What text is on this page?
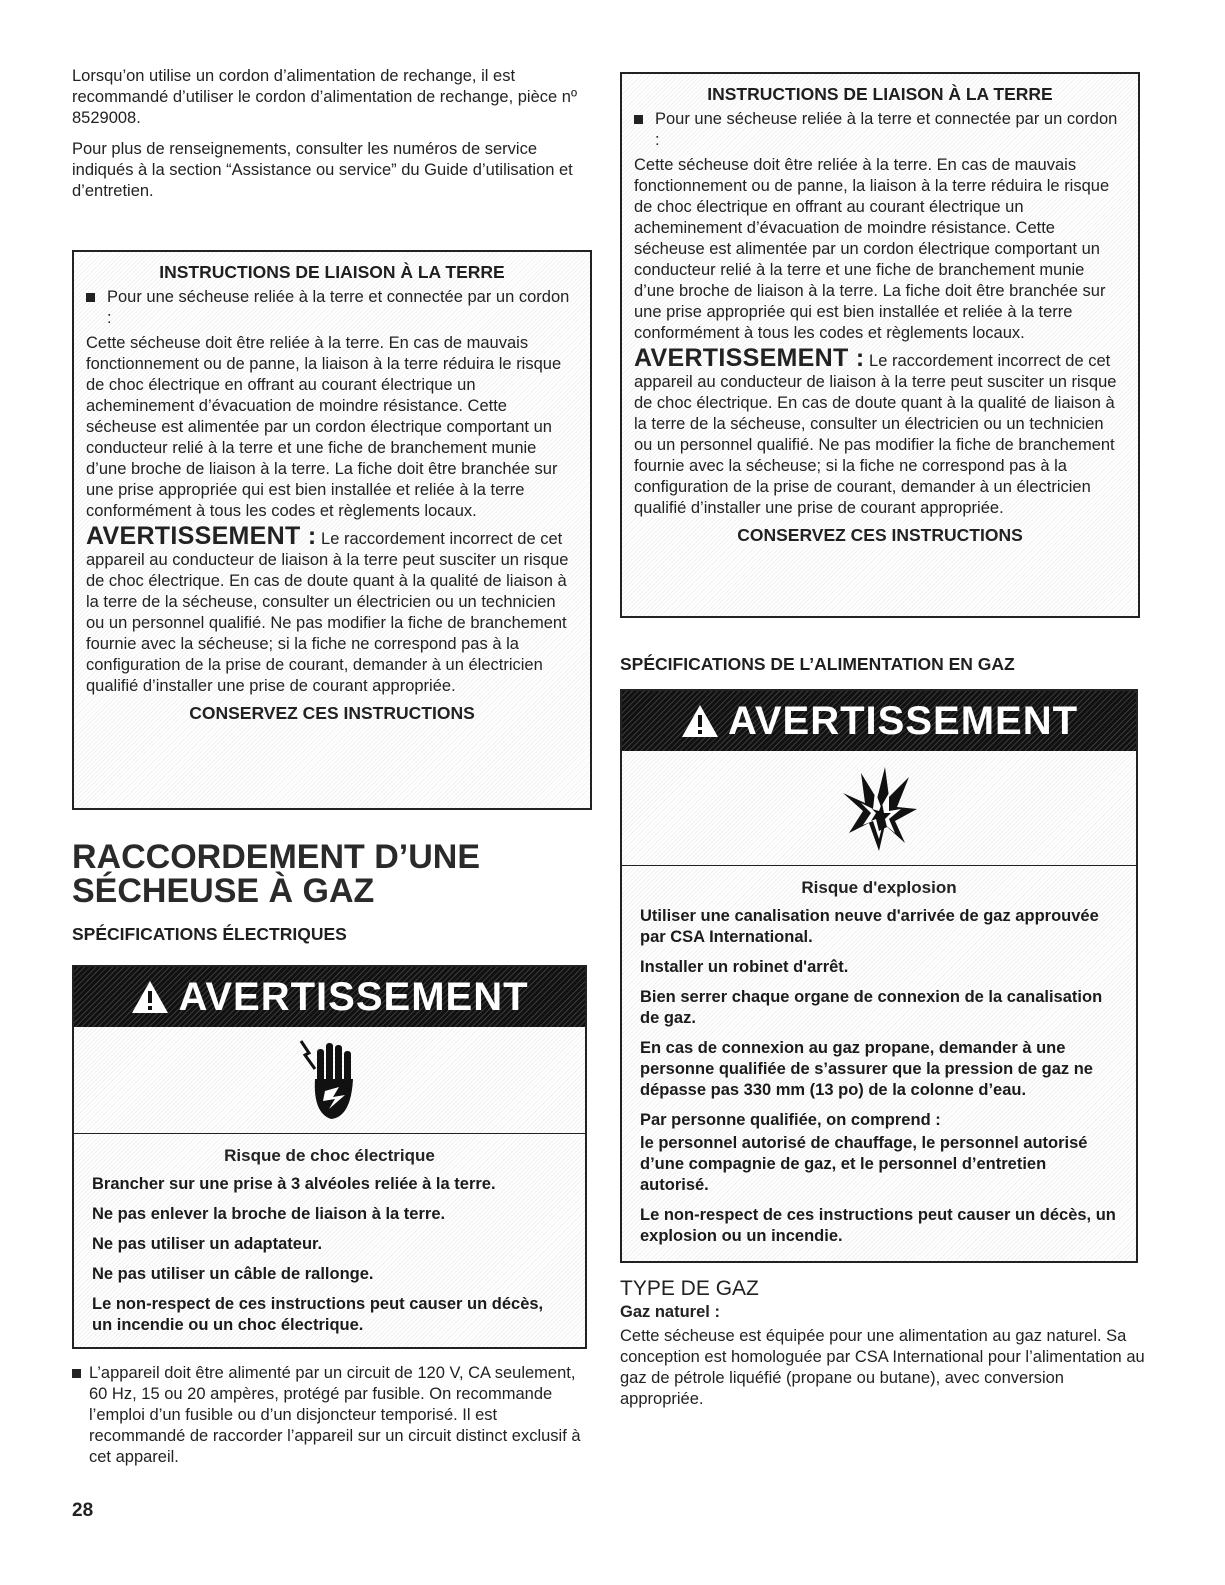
Lorsqu’on utilise un cordon d’alimentation de rechange, il est recommandé d’utiliser le cordon d’alimentation de rechange, pièce nº 8529008.

Pour plus de renseignements, consulter les numéros de service indiqués à la section “Assistance ou service” du Guide d’utilisation et d’entretien.

INSTRUCTIONS DE LIAISON À LA TERRE
Pour une sécheuse reliée à la terre et connectée par un cordon :

Cette sécheuse doit être reliée à la terre. En cas de mauvais fonctionnement ou de panne, la liaison à la terre réduira le risque de choc électrique en offrant au courant électrique un acheminement d’évacuation de moindre résistance. Cette sécheuse est alimentée par un cordon électrique comportant un conducteur relié à la terre et une fiche de branchement munie d’une broche de liaison à la terre. La fiche doit être branchée sur une prise appropriée qui est bien installée et reliée à la terre conformément à tous les codes et règlements locaux.

AVERTISSEMENT : Le raccordement incorrect de cet appareil au conducteur de liaison à la terre peut susciter un risque de choc électrique. En cas de doute quant à la qualité de liaison à la terre de la sécheuse, consulter un électricien ou un technicien ou un personnel qualifié. Ne pas modifier la fiche de branchement fournie avec la sécheuse; si la fiche ne correspond pas à la configuration de la prise de courant, demander à un électricien qualifié d’installer une prise de courant appropriée.

CONSERVEZ CES INSTRUCTIONS

RACCORDEMENT D’UNE

SÉCHEUSE À GAZ

SPÉCIFICATIONS ÉLECTRIQUES

AVERTISSEMENT

Risque de choc électrique

Brancher sur une prise à 3 alvéoles reliée à la terre.

Ne pas enlever la broche de liaison à la terre.

Ne pas utiliser un adaptateur.

Ne pas utiliser un câble de rallonge.

Le non-respect de ces instructions peut causer un décès, un incendie ou un choc électrique.

L’appareil doit être alimenté par un circuit de 120 V, CA seulement, 60 Hz, 15 ou 20 ampères, protégé par fusible. On recommande l’emploi d’un fusible ou d’un disjoncteur temporisé. Il est recommandé de raccorder l’appareil sur un circuit distinct exclusif à cet appareil.
INSTRUCTIONS DE LIAISON À LA TERRE
Pour une sécheuse reliée à la terre et connectée par un cordon :

Cette sécheuse doit être reliée à la terre. En cas de mauvais fonctionnement ou de panne, la liaison à la terre réduira le risque de choc électrique en offrant au courant électrique un acheminement d’évacuation de moindre résistance. Cette sécheuse est alimentée par un cordon électrique comportant un conducteur relié à la terre et une fiche de branchement munie d’une broche de liaison à la terre. La fiche doit être branchée sur une prise appropriée qui est bien installée et reliée à la terre conformément à tous les codes et règlements locaux.

AVERTISSEMENT : Le raccordement incorrect de cet appareil au conducteur de liaison à la terre peut susciter un risque de choc électrique. En cas de doute quant à la qualité de liaison à la terre de la sécheuse, consulter un électricien ou un technicien ou un personnel qualifié. Ne pas modifier la fiche de branchement fournie avec la sécheuse; si la fiche ne correspond pas à la configuration de la prise de courant, demander à un électricien qualifié d’installer une prise de courant appropriée.

CONSERVEZ CES INSTRUCTIONS

SPÉCIFICATIONS DE L’ALIMENTATION EN GAZ

AVERTISSEMENT

Risque d'explosion

Utiliser une canalisation neuve d'arrivée de gaz approuvée par CSA International.

Installer un robinet d'arrêt.

Bien serrer chaque organe de connexion de la canalisation de gaz.

En cas de connexion au gaz propane, demander à une personne qualifiée de s’assurer que la pression de gaz ne dépasse pas 330 mm (13 po) de la colonne d’eau.

Par personne qualifiée, on comprend :

le personnel autorisé de chauffage, le personnel autorisé d’une compagnie de gaz, et le personnel d’entretien autorisé.

Le non-respect de ces instructions peut causer un décès, un explosion ou un incendie.

TYPE DE GAZ

Gaz naturel :

Cette sécheuse est équipée pour une alimentation au gaz naturel. Sa conception est homologuée par CSA International pour l’alimentation au gaz de pétrole liquéfié (propane ou butane), avec conversion appropriée.

28
